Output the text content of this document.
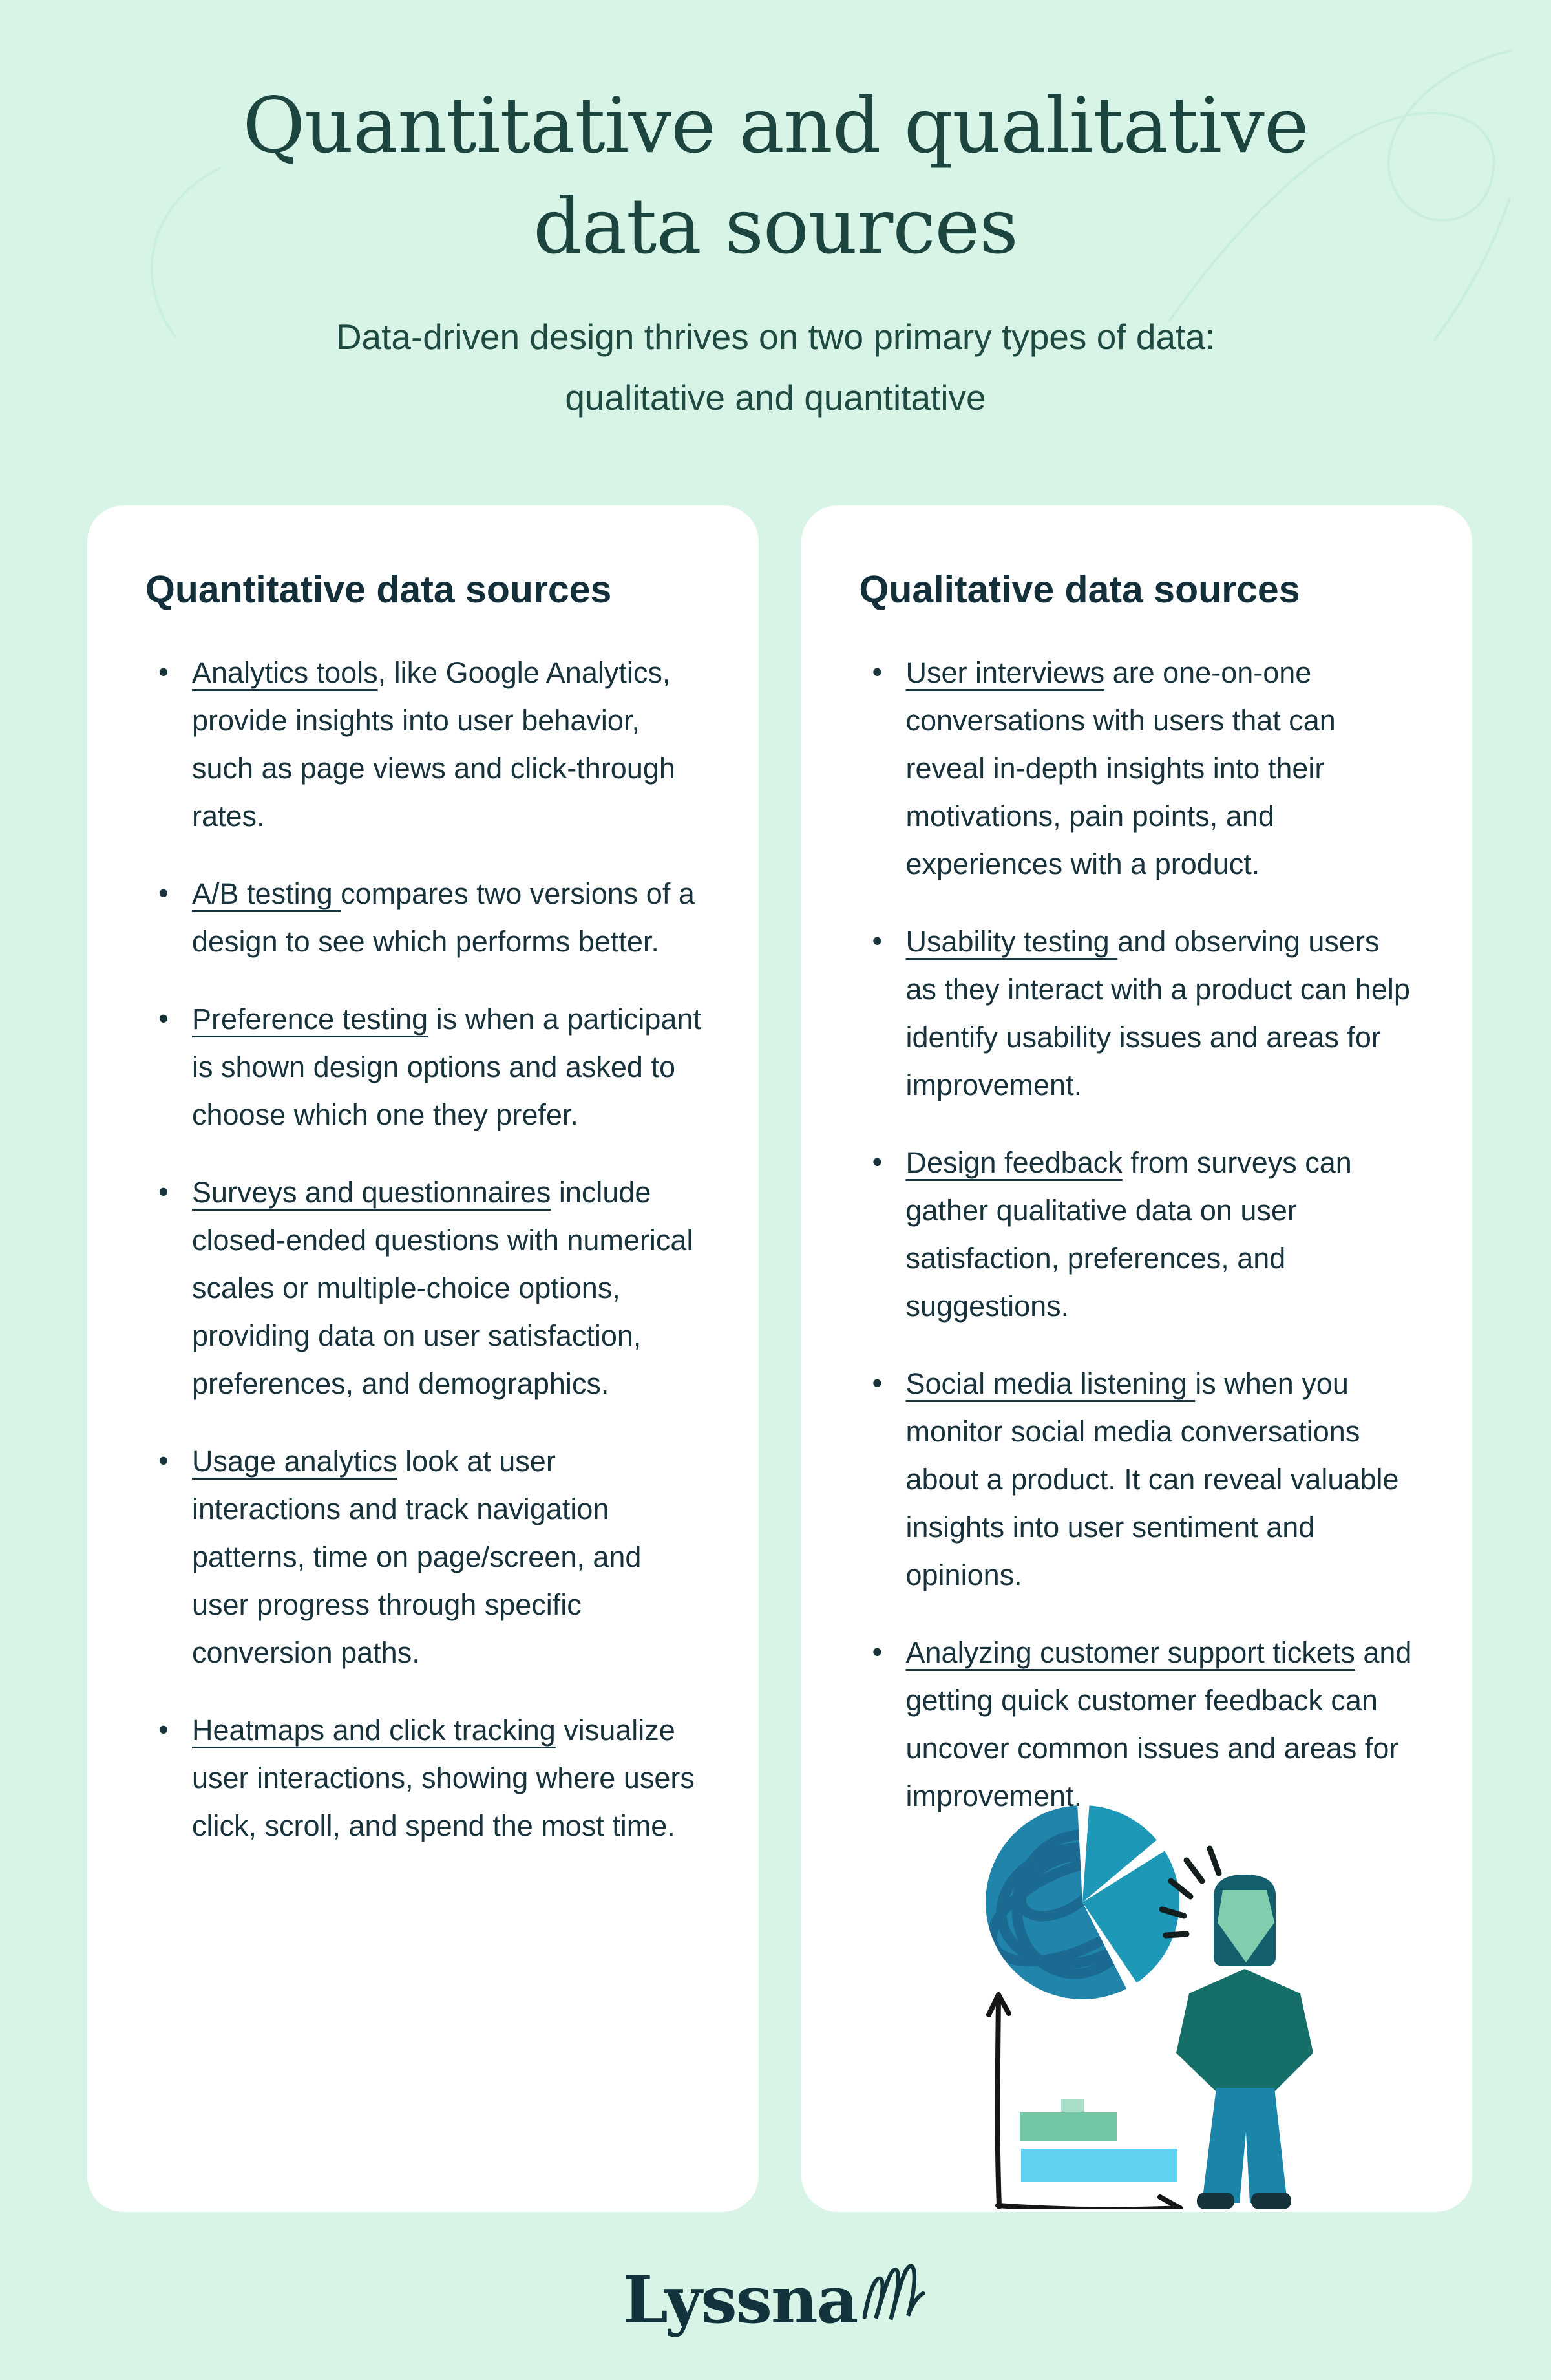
Quantitative and qualitative
data sources
Data-driven design thrives on two primary types of data:
qualitative and quantitative
Quantitative data sources
• Analytics tools, like Google Analytics, provide insights into user behavior, such as page views and click-through rates.
• A/B testing compares two versions of a design to see which performs better.
• Preference testing is when a participant is shown design options and asked to choose which one they prefer.
• Surveys and questionnaires include closed-ended questions with numerical scales or multiple-choice options, providing data on user satisfaction, preferences, and demographics.
• Usage analytics look at user interactions and track navigation patterns, time on page/screen, and user progress through specific conversion paths.
• Heatmaps and click tracking visualize user interactions, showing where users click, scroll, and spend the most time.
Qualitative data sources
• User interviews are one-on-one conversations with users that can reveal in-depth insights into their motivations, pain points, and experiences with a product.
• Usability testing and observing users as they interact with a product can help identify usability issues and areas for improvement.
• Design feedback from surveys can gather qualitative data on user satisfaction, preferences, and suggestions.
• Social media listening is when you monitor social media conversations about a product. It can reveal valuable insights into user sentiment and opinions.
• Analyzing customer support tickets and getting quick customer feedback can uncover common issues and areas for improvement.
Lyssna
